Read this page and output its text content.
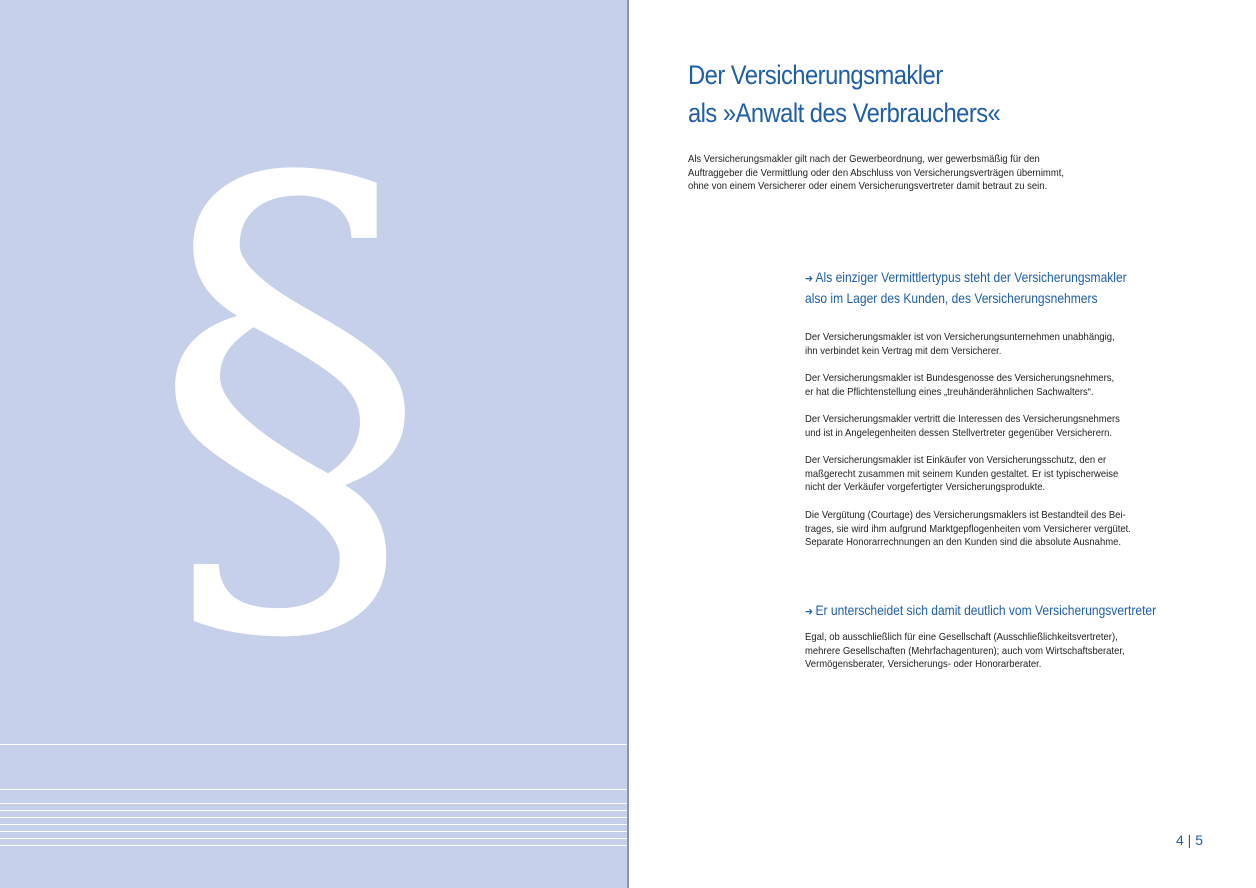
§	Der Versicherungsmakler
als »Anwalt des Verbrauchers«

Als Versicherungsmakler gilt nach der Gewerbeordnung, wer gewerbsmäßig für den
Auftraggeber die Vermittlung oder den Abschluss von Versicherungsverträgen übernimmt,
ohne von einem Versicherer oder einem Versicherungsvertreter damit betraut zu sein.

➔ Als einziger Vermittlertypus steht der Versicherungsmakler
also im Lager des Kunden, des Versicherungsnehmers

Der Versicherungsmakler ist von Versicherungsunternehmen unabhängig,
ihn verbindet kein Vertrag mit dem Versicherer.

Der Versicherungsmakler ist Bundesgenosse des Versicherungsnehmers,
er hat die Pflichtenstellung eines „treuhänderähnlichen Sachwalters“.

Der Versicherungsmakler vertritt die Interessen des Versicherungsnehmers
und ist in Angelegenheiten dessen Stellvertreter gegenüber Versicherern.

Der Versicherungsmakler ist Einkäufer von Versicherungsschutz, den er
maßgerecht zusammen mit seinem Kunden gestaltet. Er ist typischerweise
nicht der Verkäufer vorgefertigter Versicherungsprodukte.

Die Vergütung (Courtage) des Versicherungsmaklers ist Bestandteil des Bei-
trages, sie wird ihm aufgrund Marktgepflogenheiten vom Versicherer vergütet.
Separate Honorarrechnungen an den Kunden sind die absolute Ausnahme.

➔ Er unterscheidet sich damit deutlich vom Versicherungsvertreter

Egal, ob ausschließlich für eine Gesellschaft (Ausschließlichkeitsvertreter),
mehrere Gesellschaften (Mehrfachagenturen); auch vom Wirtschaftsberater,
Vermögensberater, Versicherungs- oder Honorarberater.

4 | 5
